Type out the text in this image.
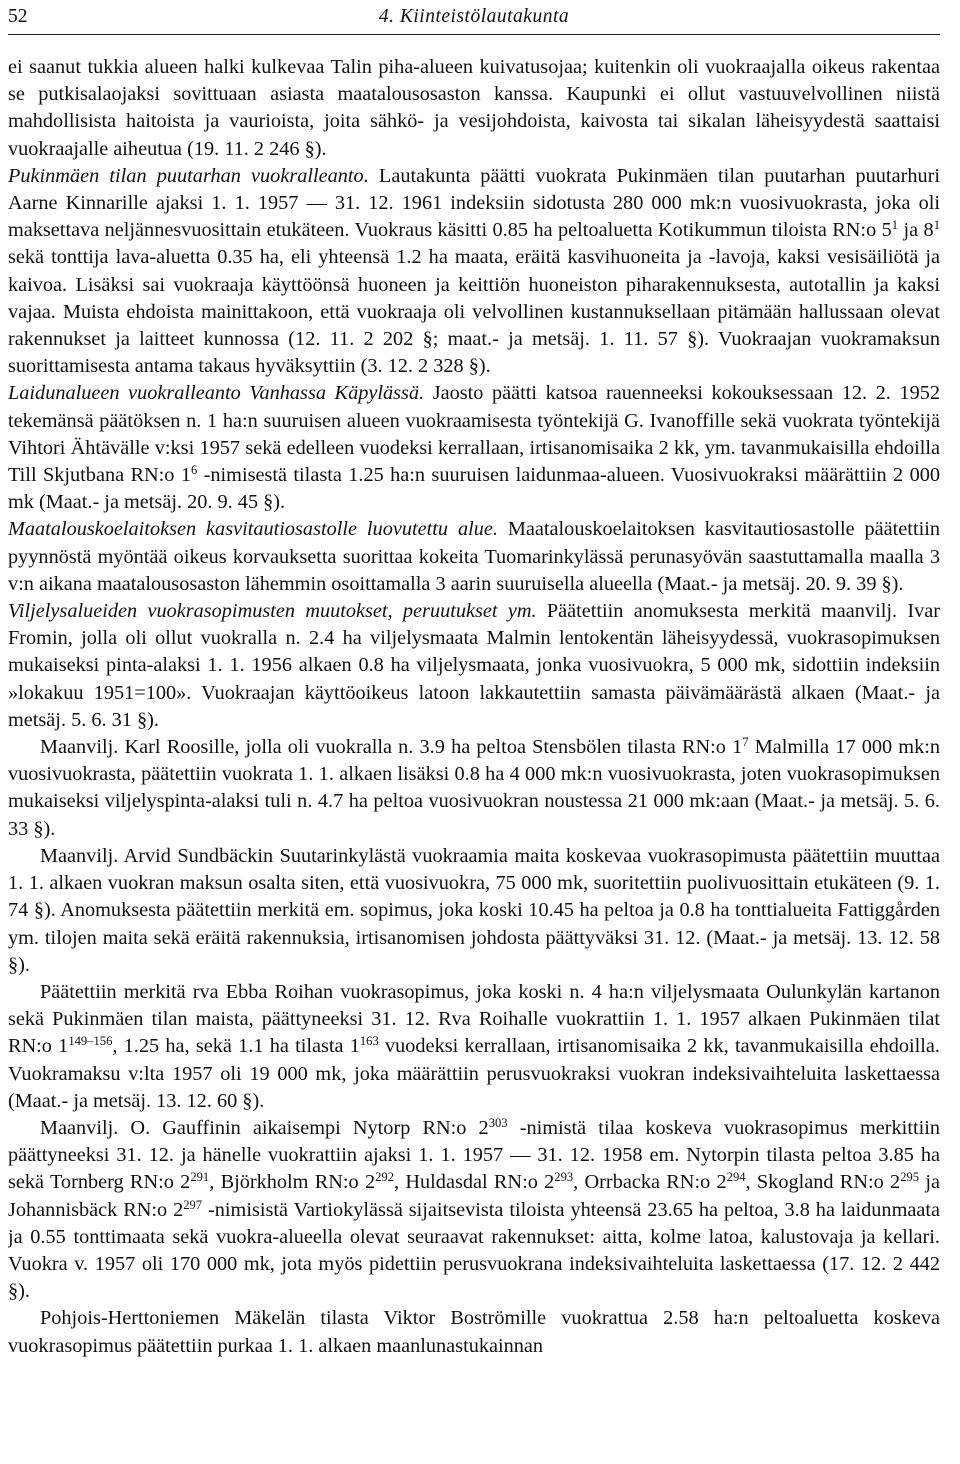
52	4. Kiinteistölautakunta

ei saanut tukkia alueen halki kulkevaa Talin piha-alueen kuivatusojaa; kuitenkin oli vuokraajalla oikeus rakentaa se putkisalaojaksi sovittuaan asiasta maatalousosaston kanssa. Kaupunki ei ollut vastuuvelvollinen niistä mahdollisista haitoista ja vaurioista, joita sähkö- ja vesijohdoista, kaivosta tai sikalan läheisyydestä saattaisi vuokraajalle aiheutua (19. 11. 2 246 §).

Pukinmäen tilan puutarhan vuokralleanto. Lautakunta päätti vuokrata Pukinmäen tilan puutarhan puutarhuri Aarne Kinnarille ajaksi 1. 1. 1957 — 31. 12. 1961 indeksiin sidotusta 280 000 mk:n vuosivuokrasta, joka oli maksettava neljännesvuosittain etukäteen. Vuokraus käsitti 0.85 ha peltoaluetta Kotikummun tiloista RN:o $5^1$ ja $8^1$ sekä tonttija lava-aluetta 0.35 ha, eli yhteensä 1.2 ha maata, eräitä kasvihuoneita ja -lavoja, kaksi vesisäiliötä ja kaivoa. Lisäksi sai vuokraaja käyttöönsä huoneen ja keittiön huoneiston piharakennuksesta, autotallin ja kaksi vajaa. Muista ehdoista mainittakoon, että vuokraaja oli velvollinen kustannuksellaan pitämään hallussaan olevat rakennukset ja laitteet kunnossa (12. 11. 2 202 §; maat.- ja metsäj. 1. 11. 57 §). Vuokraajan vuokramaksun suorittamisesta antama takaus hyväksyttiin (3. 12. 2 328 §).

Laidunalueen vuokralleanto Vanhassa Käpylässä. Jaosto päätti katsoa rauenneeksi kokouksessaan 12. 2. 1952 tekemänsä päätöksen n. 1 ha:n suuruisen alueen vuokraamisesta työntekijä G. Ivanoffille sekä vuokrata työntekijä Vihtori Ähtävälle v:ksi 1957 sekä edelleen vuodeksi kerrallaan, irtisanomisaika 2 kk, ym. tavanmukaisilla ehdoilla Till Skjutbana RN:o $1^6$ -nimisestä tilasta 1.25 ha:n suuruisen laidunmaa-alueen. Vuosivuokraksi määrättiin 2 000 mk (Maat.- ja metsäj. 20. 9. 45 §).

Maatalouskoelaitoksen kasvitautiosastolle luovutettu alue. Maatalouskoelaitoksen kasvitautiosastolle päätettiin pyynnöstä myöntää oikeus korvauksetta suorittaa kokeita Tuomarinkylässä perunasyövän saastuttamalla maalla 3 v:n aikana maatalousosaston lähemmin osoittamalla 3 aarin suuruisella alueella (Maat.- ja metsäj. 20. 9. 39 §).

Viljelysalueiden vuokrasopimusten muutokset, peruutukset ym. Päätettiin anomuksesta merkitä maanvilj. Ivar Fromin, jolla oli ollut vuokralla n. 2.4 ha viljelysmaata Malmin lentokentän läheisyydessä, vuokrasopimuksen mukaiseksi pinta-alaksi 1. 1. 1956 alkaen 0.8 ha viljelysmaata, jonka vuosivuokra, 5 000 mk, sidottiin indeksiin »lokakuu 1951=100». Vuokraajan käyttöoikeus latoon lakkautettiin samasta päivämäärästä alkaen (Maat.- ja metsäj. 5. 6. 31 §).

Maanvilj. Karl Roosille, jolla oli vuokralla n. 3.9 ha peltoa Stensbölen tilasta RN:o $1^7$ Malmilla 17 000 mk:n vuosivuokrasta, päätettiin vuokrata 1. 1. alkaen lisäksi 0.8 ha 4 000 mk:n vuosivuokrasta, joten vuokrasopimuksen mukaiseksi viljelyspinta-alaksi tuli n. 4.7 ha peltoa vuosivuokran noustessa 21 000 mk:aan (Maat.- ja metsäj. 5. 6. 33 §).

Maanvilj. Arvid Sundbäckin Suutarinkylästä vuokraamia maita koskevaa vuokrasopimusta päätettiin muuttaa 1. 1. alkaen vuokran maksun osalta siten, että vuosivuokra, 75 000 mk, suoritettiin puolivuosittain etukäteen (9. 1. 74 §). Anomuksesta päätettiin merkitä em. sopimus, joka koski 10.45 ha peltoa ja 0.8 ha tonttialueita Fattiggården ym. tilojen maita sekä eräitä rakennuksia, irtisanomisen johdosta päättyväksi 31. 12. (Maat.- ja metsäj. 13. 12. 58 §).

Päätettiin merkitä rva Ebba Roihan vuokrasopimus, joka koski n. 4 ha:n viljelysmaata Oulunkylän kartanon sekä Pukinmäen tilan maista, päättyneeksi 31. 12. Rva Roihalle vuokrattiin 1. 1. 1957 alkaen Pukinmäen tilat RN:o 1$^{149-156}$, 1.25 ha, sekä 1.1 ha tilasta $1^{163}$ vuodeksi kerrallaan, irtisanomisaika 2 kk, tavanmukaisilla ehdoilla. Vuokramaksu v:lta 1957 oli 19 000 mk, joka määrättiin perusvuokraksi vuokran indeksivaihteluita laskettaessa (Maat.- ja metsäj. 13. 12. 60 §).

Maanvilj. O. Gauffinin aikaisempi Nytorp RN:o $2^{303}$ -nimistä tilaa koskeva vuokrasopimus merkittiin päättyneeksi 31. 12. ja hänelle vuokrattiin ajaksi 1. 1. 1957 — 31. 12. 1958 em. Nytorpin tilasta peltoa 3.85 ha sekä Tornberg RN:o $2^{291}$, Björkholm RN:o $2^{292}$, Huldasdal RN:o $2^{293}$, Orrbacka RN:o $2^{294}$, Skogland RN:o $2^{295}$ ja Johannisbäck RN:o $2^{297}$ -nimisistä Vartiokylässä sijaitsevista tiloista yhteensä 23.65 ha peltoa, 3.8 ha laidunmaata ja 0.55 tonttimaata sekä vuokra-alueella olevat seuraavat rakennukset: aitta, kolme latoa, kalustovaja ja kellari. Vuokra v. 1957 oli 170 000 mk, jota myös pidettiin perusvuokrana indeksivaihteluita laskettaessa (17. 12. 2 442 §).

Pohjois-Herttoniemen Mäkelän tilasta Viktor Boströmille vuokrattua 2.58 ha:n peltoaluetta koskeva vuokrasopimus päätettiin purkaa 1. 1. alkaen maanlunastukainnan
